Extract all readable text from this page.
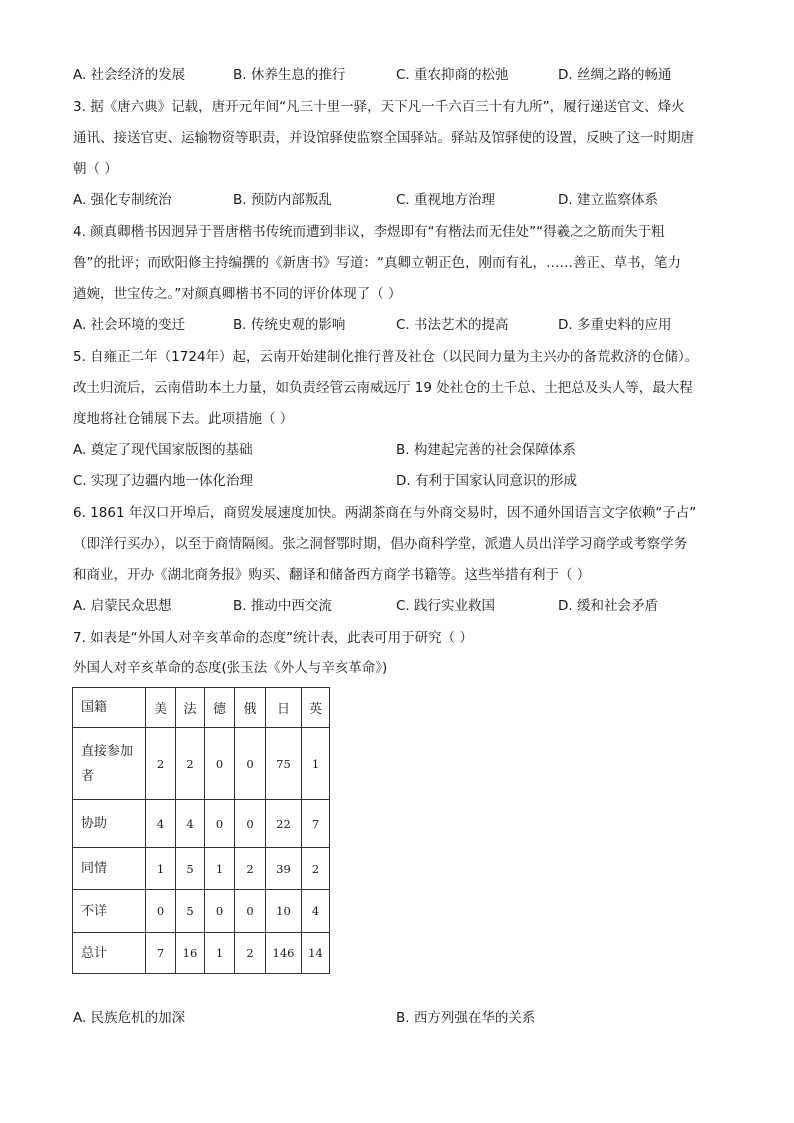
A. 社会经济的发展	B. 休养生息的推行	C. 重农抑商的松弛	D. 丝绸之路的畅通
3. 据《唐六典》记载，唐开元年间“凡三十里一驿，天下凡一千六百三十有九所”，履行递送官文、烽火
通讯、接送官吏、运输物资等职责，并设馆驿使监察全国驿站。驿站及馆驿使的设置，反映了这一时期唐
朝（ ）
A. 强化专制统治	B. 预防内部叛乱	C. 重视地方治理	D. 建立监察体系
4. 颜真卿楷书因迥异于晋唐楷书传统而遭到非议，李煜即有“有楷法而无佳处”“得羲之之筋而失于粗
鲁”的批评；而欧阳修主持编撰的《新唐书》写道：“真卿立朝正色，刚而有礼，……善正、草书，笔力
遒婉，世宝传之。”对颜真卿楷书不同的评价体现了（ ）
A. 社会环境的变迁	B. 传统史观的影响	C. 书法艺术的提高	D. 多重史料的应用
5. 自雍正二年（1724年）起，云南开始建制化推行普及社仓（以民间力量为主兴办的备荒救济的仓储）。
改土归流后，云南借助本土力量，如负责经管云南威远厅 19 处社仓的土千总、土把总及头人等，最大程
度地将社仓铺展下去。此项措施（ ）
A. 奠定了现代国家版图的基础	B. 构建起完善的社会保障体系
C. 实现了边疆内地一体化治理	D. 有利于国家认同意识的形成
6. 1861 年汉口开埠后，商贸发展速度加快。两湖茶商在与外商交易时，因不通外国语言文字依赖“子占”
（即洋行买办），以至于商情隔阂。张之洞督鄂时期，倡办商科学堂，派遣人员出洋学习商学或考察学务
和商业，开办《湖北商务报》购买、翻译和储备西方商学书籍等。这些举措有利于（ ）
A. 启蒙民众思想	B. 推动中西交流	C. 践行实业救国	D. 缓和社会矛盾
7. 如表是“外国人对辛亥革命的态度”统计表，此表可用于研究（ ）
外国人对辛亥革命的态度(张玉法《外人与辛亥革命》)
国籍	美	法	德	俄	日	英
直接参加
者	2	2	0	0	75	1
协助	4	4	0	0	22	7
同情	1	5	1	2	39	2
不详	0	5	0	0	10	4
总计	7	16	1	2	146	14
A. 民族危机的加深	B. 西方列强在华的关系
